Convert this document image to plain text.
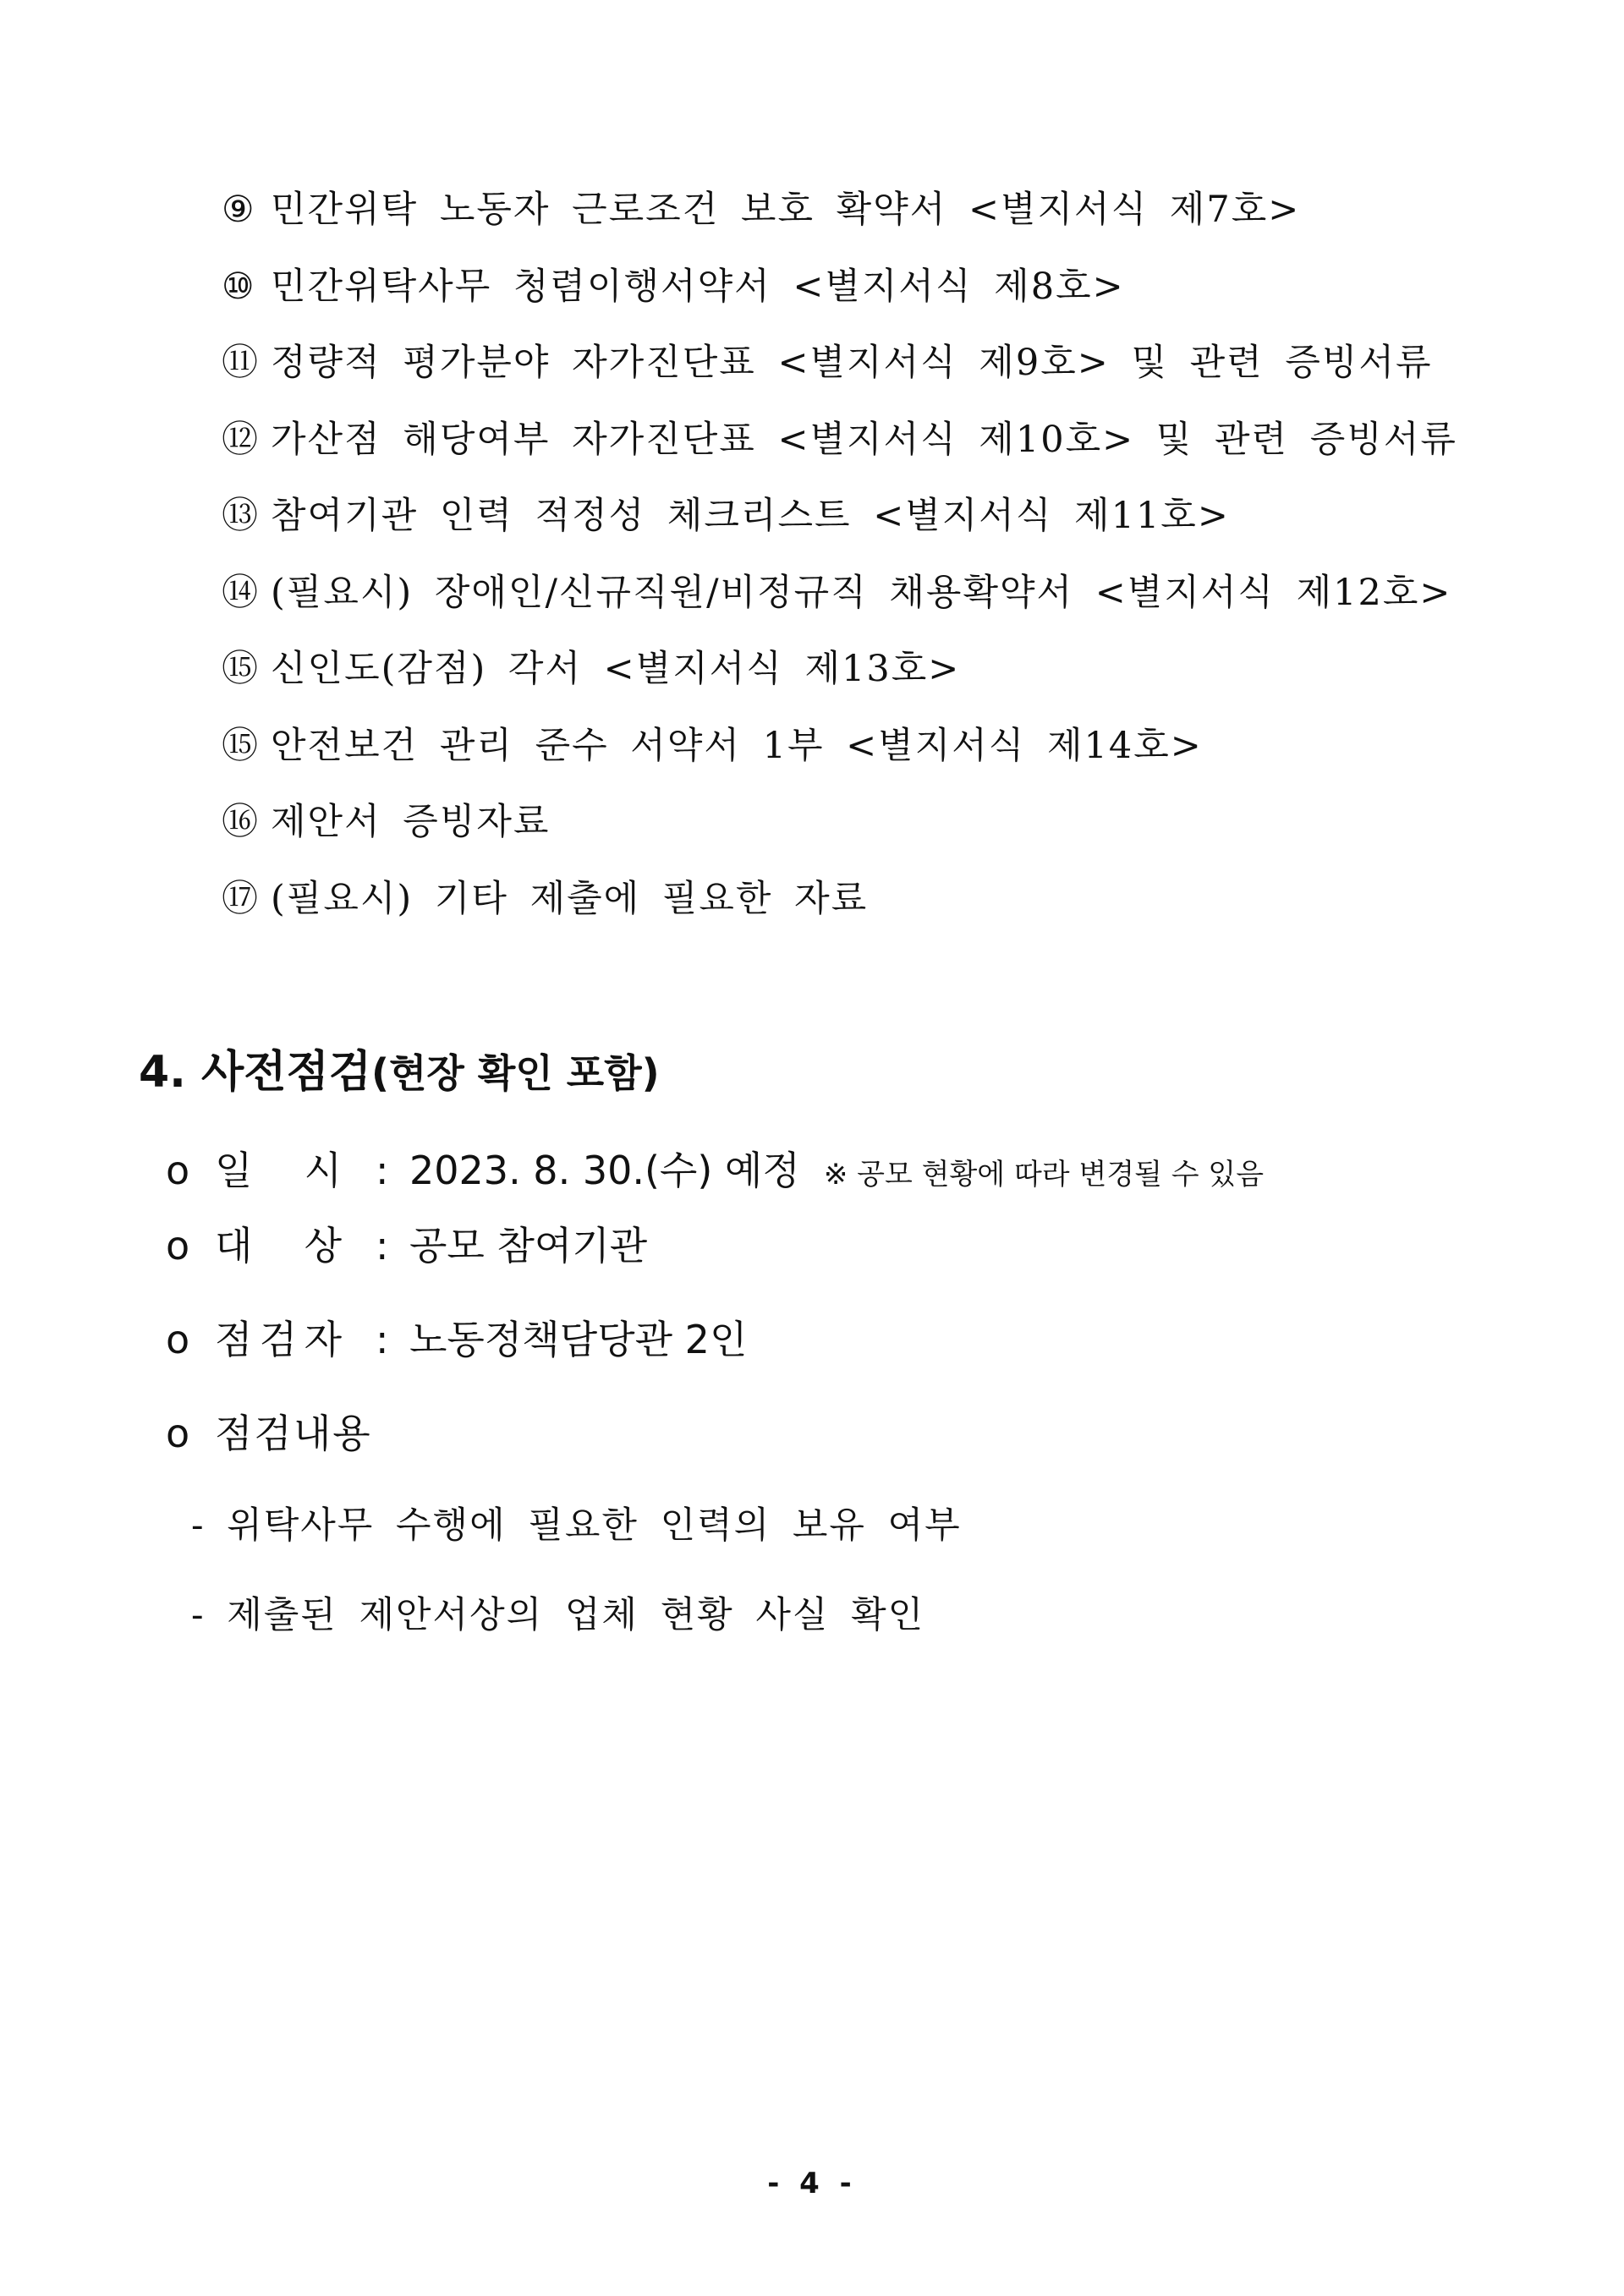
⑨ 민간위탁 노동자 근로조건 보호 확약서 <별지서식 제7호>
⑩ 민간위탁사무 청렴이행서약서 <별지서식 제8호>
⑪ 정량적 평가분야 자가진단표 <별지서식 제9호> 및 관련 증빙서류
⑫ 가산점 해당여부 자가진단표 <별지서식 제10호> 및 관련 증빙서류
⑬ 참여기관 인력 적정성 체크리스트 <별지서식 제11호>
⑭ (필요시) 장애인/신규직원/비정규직 채용확약서 <별지서식 제12호>
⑮ 신인도(감점) 각서 <별지서식 제13호>
⑮ 안전보건 관리 준수 서약서 1부 <별지서식 제14호>
⑯ 제안서 증빙자료
⑰ (필요시) 기타 제출에 필요한 자료
4. 사전점검(현장 확인 포함)
o 일 시 : 2023. 8. 30.(수) 예정 ※ 공모 현황에 따라 변경될 수 있음
o 대 상 : 공모 참여기관
o 점 검 자 : 노동정책담당관 2인
o 점검내용
- 위탁사무 수행에 필요한 인력의 보유 여부
- 제출된 제안서상의 업체 현황 사실 확인
- 4 -
